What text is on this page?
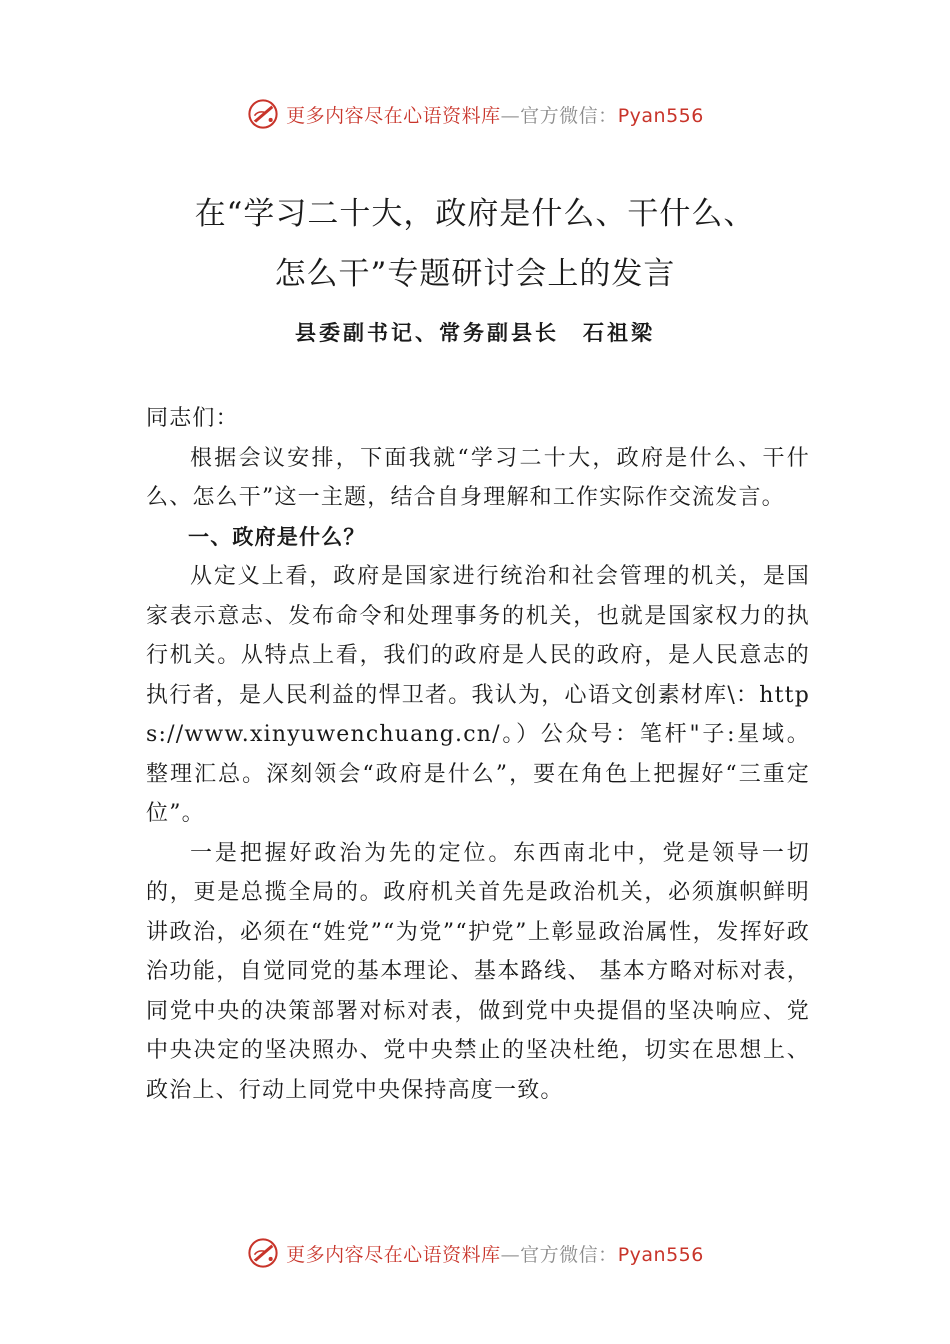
更多内容尽在心语资料库—官方微信：Pyan556
在“学习二十大，政府是什么、干什么、
怎么干”专题研讨会上的发言
县委副书记、常务副县长　石祖梁

同志们：

根据会议安排，下面我就“学习二十大，政府是什么、干什么、怎么干”这一主题，结合自身理解和工作实际作交流发言。

一、政府是什么？

从定义上看，政府是国家进行统治和社会管理的机关，是国家表示意志、发布命令和处理事务的机关，也就是国家权力的执行机关。从特点上看，我们的政府是人民的政府，是人民意志的执行者，是人民利益的悍卫者。我认为，心语文创素材库\：https://www.xinyuwenchuang.cn/。）公众号：笔杆"子:星域。整理汇总。深刻领会“政府是什么”，要在角色上把握好“三重定位”。

一是把握好政治为先的定位。东西南北中，党是领导一切的，更是总揽全局的。政府机关首先是政治机关，必须旗帜鲜明讲政治，必须在“姓党”“为党”“护党”上彰显政治属性，发挥好政治功能，自觉同党的基本理论、基本路线、 基本方略对标对表，同党中央的决策部署对标对表，做到党中央提倡的坚决响应、党中央决定的坚决照办、党中央禁止的坚决杜绝，切实在思想上、政治上、行动上同党中央保持高度一致。

更多内容尽在心语资料库—官方微信：Pyan556
